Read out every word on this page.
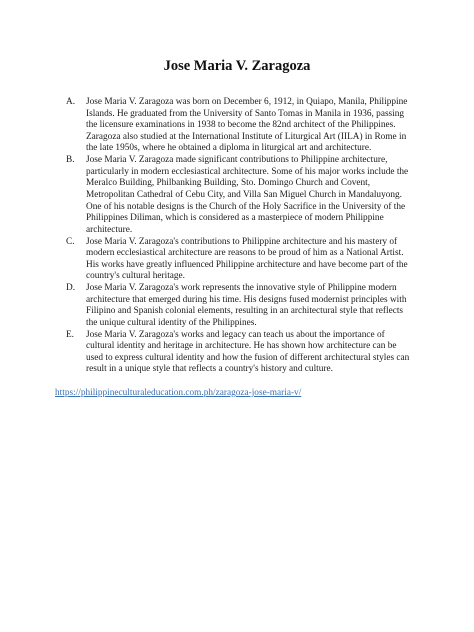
Jose Maria V. Zaragoza
A. Jose Maria V. Zaragoza was born on December 6, 1912, in Quiapo, Manila, Philippine Islands. He graduated from the University of Santo Tomas in Manila in 1936, passing the licensure examinations in 1938 to become the 82nd architect of the Philippines. Zaragoza also studied at the International Institute of Liturgical Art (IILA) in Rome in the late 1950s, where he obtained a diploma in liturgical art and architecture.
B. Jose Maria V. Zaragoza made significant contributions to Philippine architecture, particularly in modern ecclesiastical architecture. Some of his major works include the Meralco Building, Philbanking Building, Sto. Domingo Church and Covent, Metropolitan Cathedral of Cebu City, and Villa San Miguel Church in Mandaluyong. One of his notable designs is the Church of the Holy Sacrifice in the University of the Philippines Diliman, which is considered as a masterpiece of modern Philippine architecture.
C. Jose Maria V. Zaragoza's contributions to Philippine architecture and his mastery of modern ecclesiastical architecture are reasons to be proud of him as a National Artist. His works have greatly influenced Philippine architecture and have become part of the country's cultural heritage.
D. Jose Maria V. Zaragoza's work represents the innovative style of Philippine modern architecture that emerged during his time. His designs fused modernist principles with Filipino and Spanish colonial elements, resulting in an architectural style that reflects the unique cultural identity of the Philippines.
E. Jose Maria V. Zaragoza's works and legacy can teach us about the importance of cultural identity and heritage in architecture. He has shown how architecture can be used to express cultural identity and how the fusion of different architectural styles can result in a unique style that reflects a country's history and culture.
https://philippineculturaleducation.com.ph/zaragoza-jose-maria-v/
